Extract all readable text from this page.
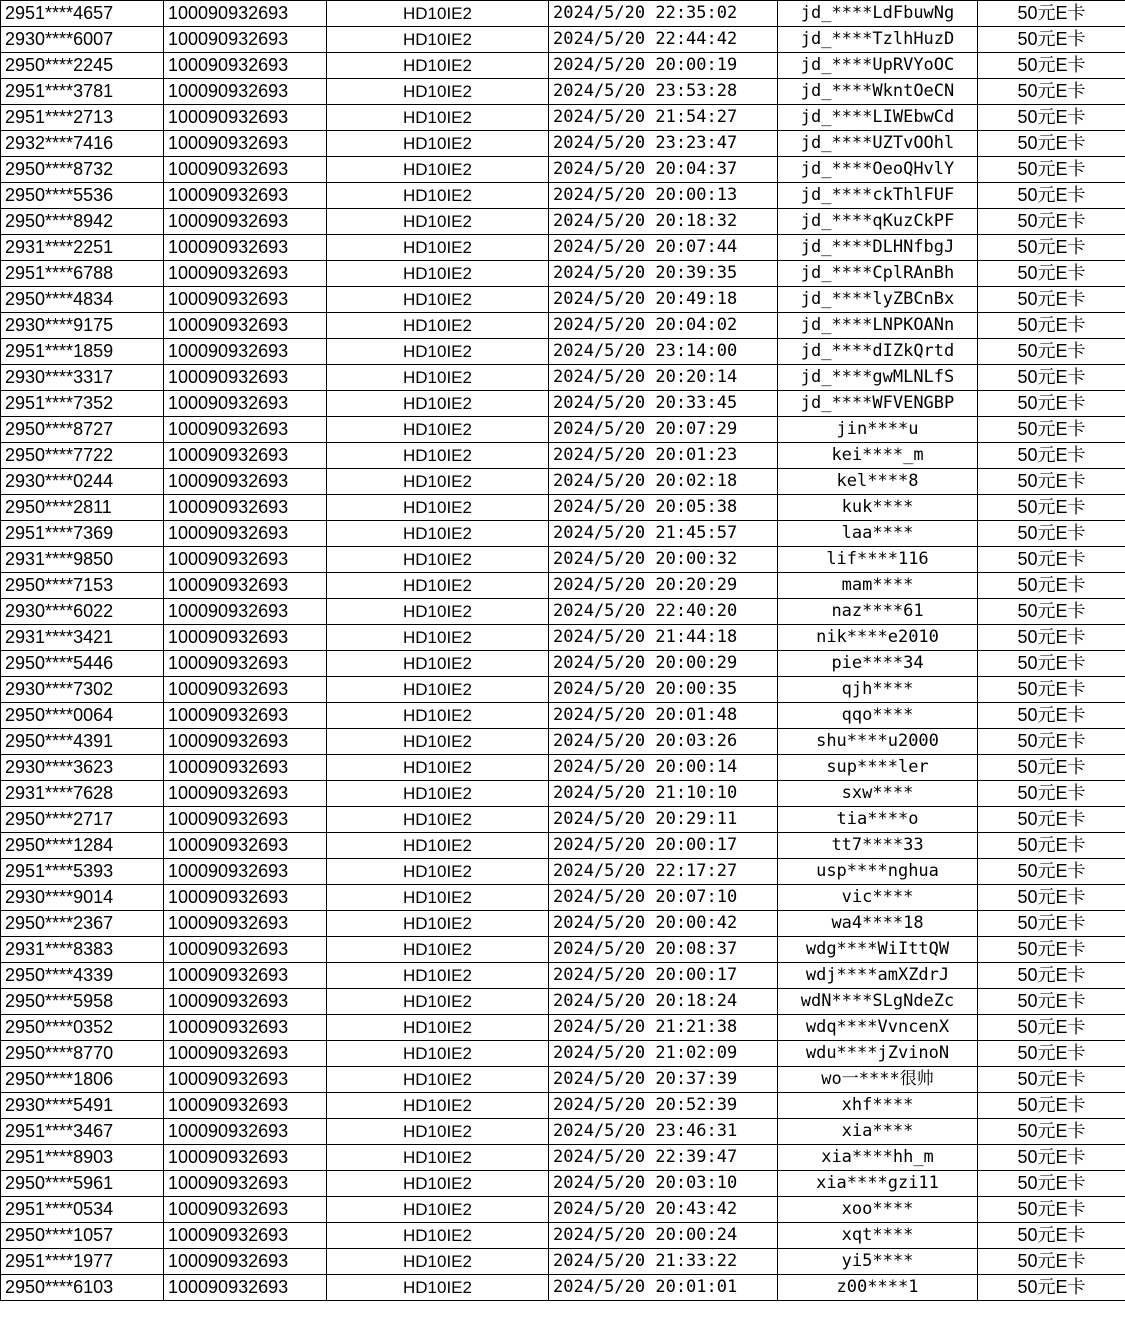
2951****4657	100090932693	HD10IE2	2024/5/20 22:35:02	jd_****LdFbuwNg	50元E卡
2930****6007	100090932693	HD10IE2	2024/5/20 22:44:42	jd_****TzlhHuzD	50元E卡
2950****2245	100090932693	HD10IE2	2024/5/20 20:00:19	jd_****UpRVYoOC	50元E卡
2951****3781	100090932693	HD10IE2	2024/5/20 23:53:28	jd_****WkntOeCN	50元E卡
2951****2713	100090932693	HD10IE2	2024/5/20 21:54:27	jd_****LIWEbwCd	50元E卡
2932****7416	100090932693	HD10IE2	2024/5/20 23:23:47	jd_****UZTvOOhl	50元E卡
2950****8732	100090932693	HD10IE2	2024/5/20 20:04:37	jd_****OeoQHvlY	50元E卡
2950****5536	100090932693	HD10IE2	2024/5/20 20:00:13	jd_****ckThlFUF	50元E卡
2950****8942	100090932693	HD10IE2	2024/5/20 20:18:32	jd_****qKuzCkPF	50元E卡
2931****2251	100090932693	HD10IE2	2024/5/20 20:07:44	jd_****DLHNfbgJ	50元E卡
2951****6788	100090932693	HD10IE2	2024/5/20 20:39:35	jd_****CplRAnBh	50元E卡
2950****4834	100090932693	HD10IE2	2024/5/20 20:49:18	jd_****lyZBCnBx	50元E卡
2930****9175	100090932693	HD10IE2	2024/5/20 20:04:02	jd_****LNPKOANn	50元E卡
2951****1859	100090932693	HD10IE2	2024/5/20 23:14:00	jd_****dIZkQrtd	50元E卡
2930****3317	100090932693	HD10IE2	2024/5/20 20:20:14	jd_****gwMLNLfS	50元E卡
2951****7352	100090932693	HD10IE2	2024/5/20 20:33:45	jd_****WFVENGBP	50元E卡
2950****8727	100090932693	HD10IE2	2024/5/20 20:07:29	jin****u	50元E卡
2950****7722	100090932693	HD10IE2	2024/5/20 20:01:23	kei****_m	50元E卡
2930****0244	100090932693	HD10IE2	2024/5/20 20:02:18	kel****8	50元E卡
2950****2811	100090932693	HD10IE2	2024/5/20 20:05:38	kuk****	50元E卡
2951****7369	100090932693	HD10IE2	2024/5/20 21:45:57	laa****	50元E卡
2931****9850	100090932693	HD10IE2	2024/5/20 20:00:32	lif****116	50元E卡
2950****7153	100090932693	HD10IE2	2024/5/20 20:20:29	mam****	50元E卡
2930****6022	100090932693	HD10IE2	2024/5/20 22:40:20	naz****61	50元E卡
2931****3421	100090932693	HD10IE2	2024/5/20 21:44:18	nik****e2010	50元E卡
2950****5446	100090932693	HD10IE2	2024/5/20 20:00:29	pie****34	50元E卡
2930****7302	100090932693	HD10IE2	2024/5/20 20:00:35	qjh****	50元E卡
2950****0064	100090932693	HD10IE2	2024/5/20 20:01:48	qqo****	50元E卡
2950****4391	100090932693	HD10IE2	2024/5/20 20:03:26	shu****u2000	50元E卡
2930****3623	100090932693	HD10IE2	2024/5/20 20:00:14	sup****ler	50元E卡
2931****7628	100090932693	HD10IE2	2024/5/20 21:10:10	sxw****	50元E卡
2950****2717	100090932693	HD10IE2	2024/5/20 20:29:11	tia****o	50元E卡
2950****1284	100090932693	HD10IE2	2024/5/20 20:00:17	tt7****33	50元E卡
2951****5393	100090932693	HD10IE2	2024/5/20 22:17:27	usp****nghua	50元E卡
2930****9014	100090932693	HD10IE2	2024/5/20 20:07:10	vic****	50元E卡
2950****2367	100090932693	HD10IE2	2024/5/20 20:00:42	wa4****18	50元E卡
2931****8383	100090932693	HD10IE2	2024/5/20 20:08:37	wdg****WiIttQW	50元E卡
2950****4339	100090932693	HD10IE2	2024/5/20 20:00:17	wdj****amXZdrJ	50元E卡
2950****5958	100090932693	HD10IE2	2024/5/20 20:18:24	wdN****SLgNdeZc	50元E卡
2950****0352	100090932693	HD10IE2	2024/5/20 21:21:38	wdq****VvncenX	50元E卡
2950****8770	100090932693	HD10IE2	2024/5/20 21:02:09	wdu****jZvinoN	50元E卡
2950****1806	100090932693	HD10IE2	2024/5/20 20:37:39	wo一****很帅	50元E卡
2930****5491	100090932693	HD10IE2	2024/5/20 20:52:39	xhf****	50元E卡
2951****3467	100090932693	HD10IE2	2024/5/20 23:46:31	xia****	50元E卡
2951****8903	100090932693	HD10IE2	2024/5/20 22:39:47	xia****hh_m	50元E卡
2950****5961	100090932693	HD10IE2	2024/5/20 20:03:10	xia****gzi11	50元E卡
2951****0534	100090932693	HD10IE2	2024/5/20 20:43:42	xoo****	50元E卡
2950****1057	100090932693	HD10IE2	2024/5/20 20:00:24	xqt****	50元E卡
2951****1977	100090932693	HD10IE2	2024/5/20 21:33:22	yi5****	50元E卡
2950****6103	100090932693	HD10IE2	2024/5/20 20:01:01	z00****1	50元E卡
